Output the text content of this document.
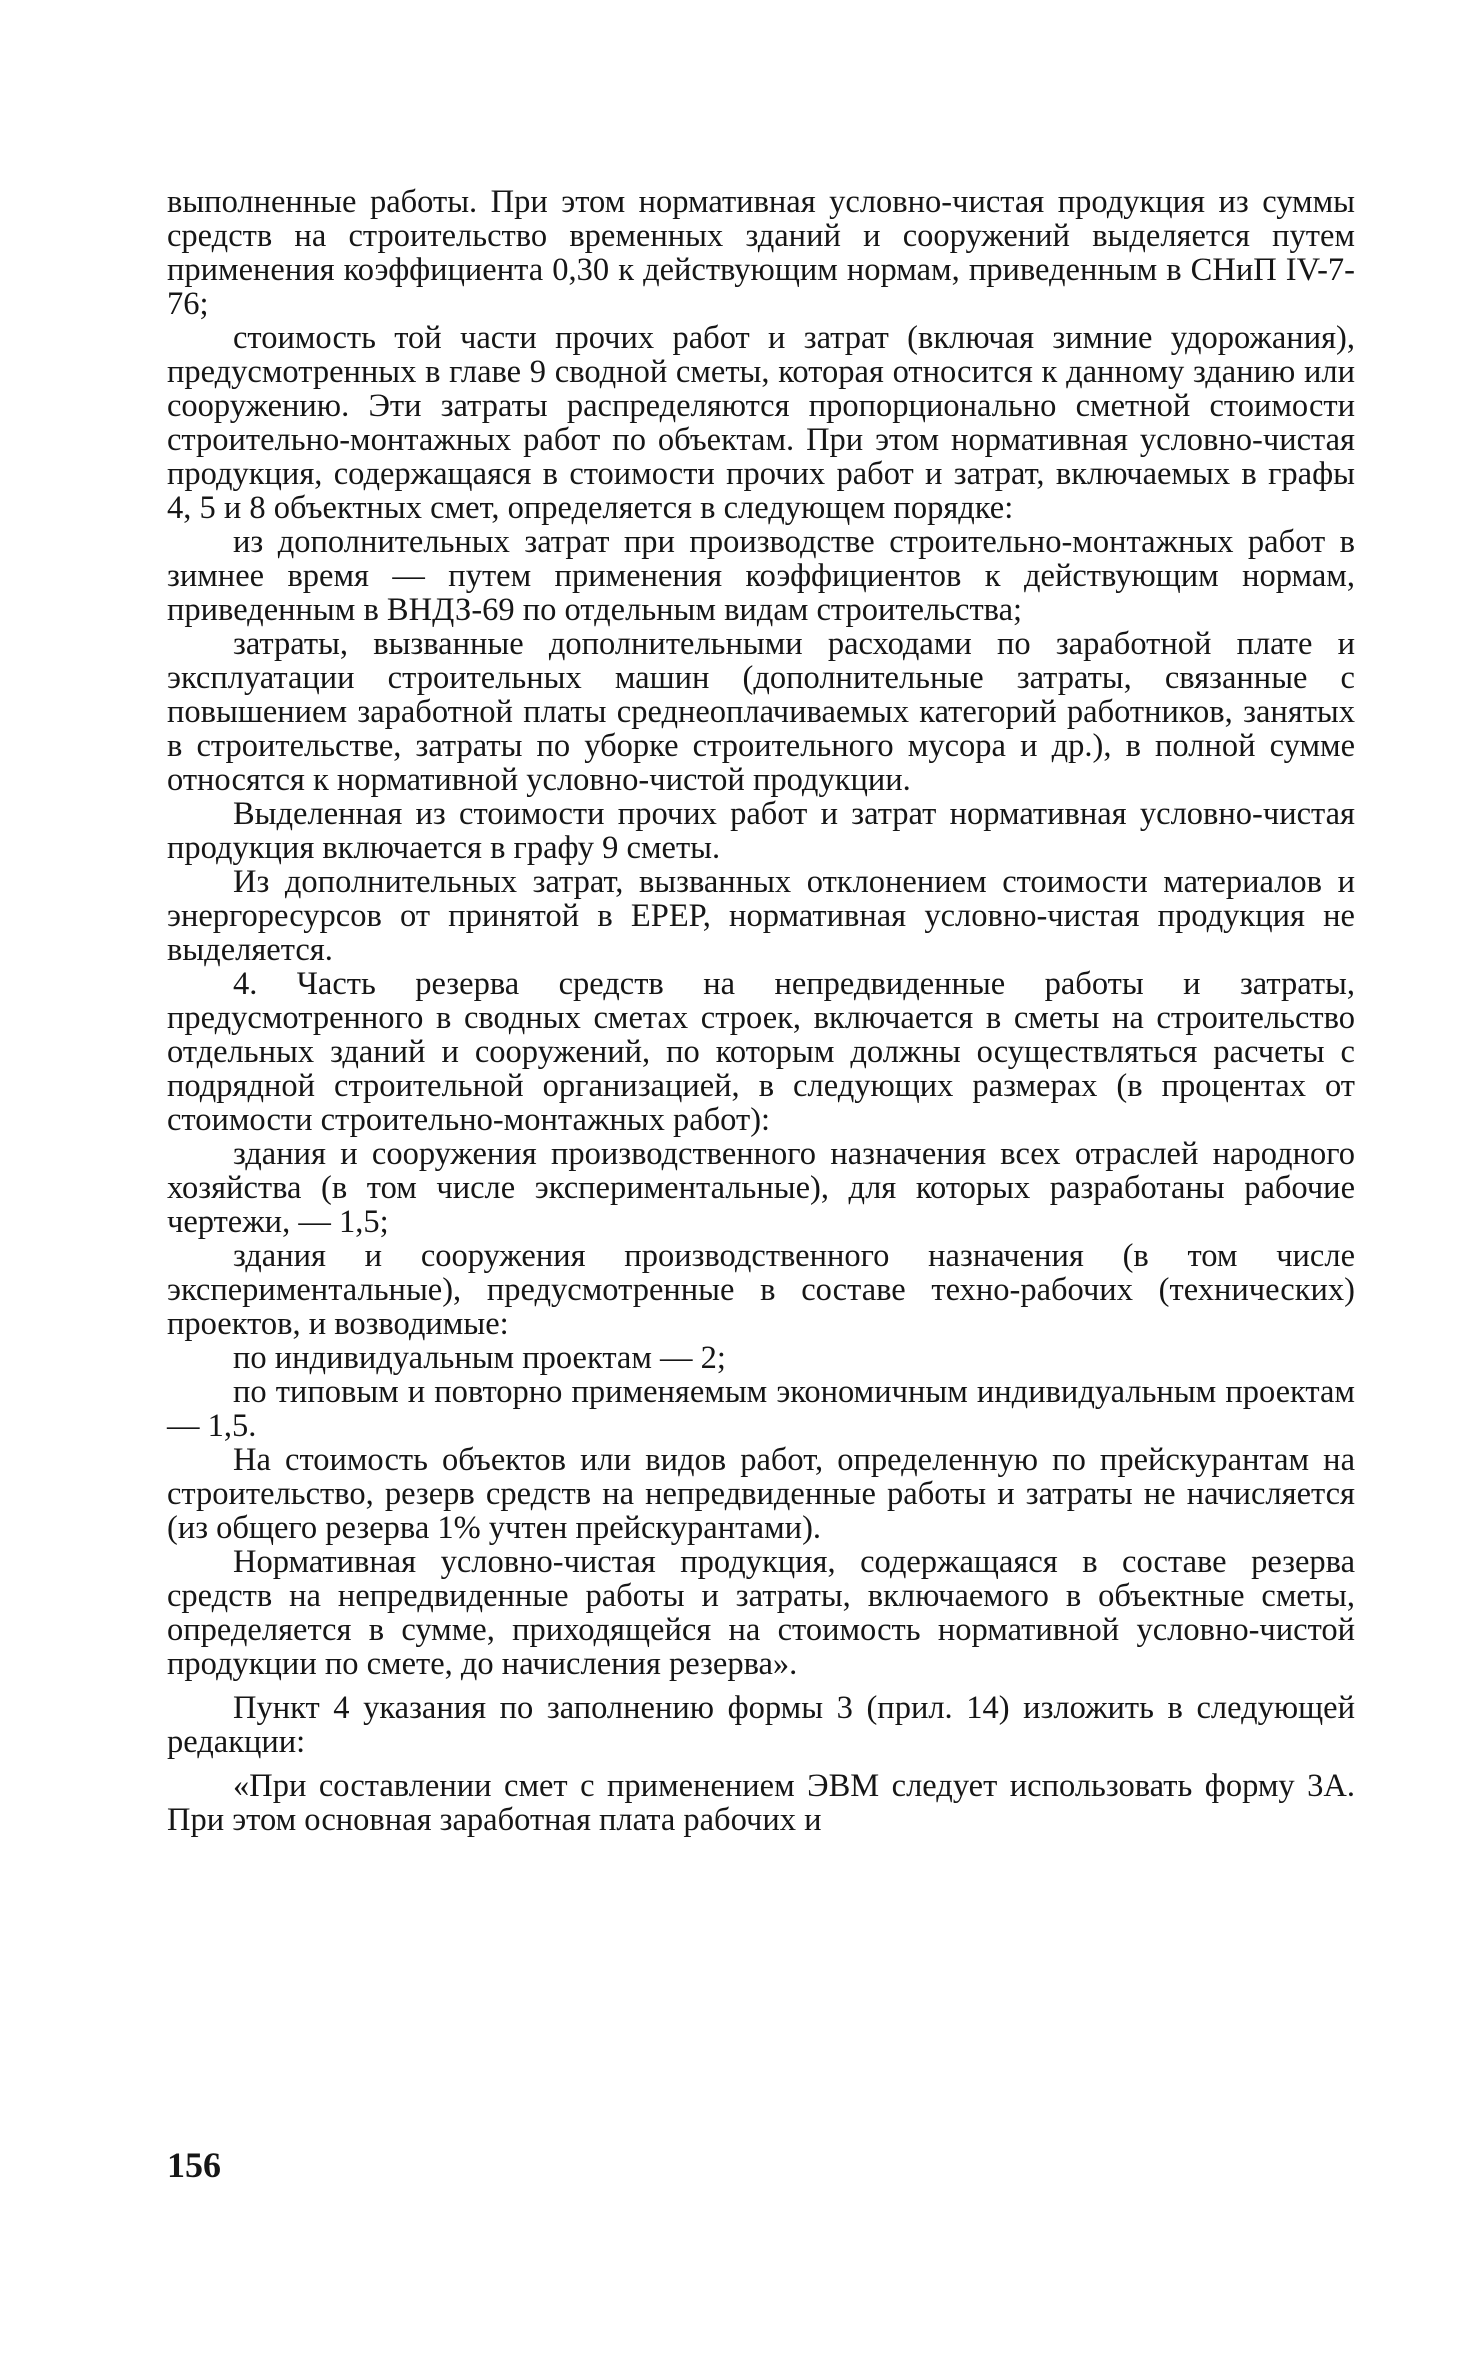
выполненные работы. При этом нормативная условно-чистая продукция из суммы средств на строительство временных зданий и сооружений выделяется путем применения коэффициента 0,30 к действующим нормам, приведенным в СНиП IV-7-76;

стоимость той части прочих работ и затрат (включая зимние удорожания), предусмотренных в главе 9 сводной сметы, которая относится к данному зданию или сооружению. Эти затраты распределяются пропорционально сметной стоимости строительно-монтажных работ по объектам. При этом нормативная условно-чистая продукция, содержащаяся в стоимости прочих работ и затрат, включаемых в графы 4, 5 и 8 объектных смет, определяется в следующем порядке:

из дополнительных затрат при производстве строительно-монтажных работ в зимнее время — путем применения коэффициентов к действующим нормам, приведенным в ВНДЗ-69 по отдельным видам строительства;

затраты, вызванные дополнительными расходами по заработной плате и эксплуатации строительных машин (дополнительные затраты, связанные с повышением заработной платы среднеоплачиваемых категорий работников, занятых в строительстве, затраты по уборке строительного мусора и др.), в полной сумме относятся к нормативной условно-чистой продукции.

Выделенная из стоимости прочих работ и затрат нормативная условно-чистая продукция включается в графу 9 сметы.

Из дополнительных затрат, вызванных отклонением стоимости материалов и энергоресурсов от принятой в ЕРЕР, нормативная условно-чистая продукция не выделяется.

4. Часть резерва средств на непредвиденные работы и затраты, предусмотренного в сводных сметах строек, включается в сметы на строительство отдельных зданий и сооружений, по которым должны осуществляться расчеты с подрядной строительной организацией, в следующих размерах (в процентах от стоимости строительно-монтажных работ):

здания и сооружения производственного назначения всех отраслей народного хозяйства (в том числе экспериментальные), для которых разработаны рабочие чертежи, — 1,5;

здания и сооружения производственного назначения (в том числе экспериментальные), предусмотренные в составе техно-рабочих (технических) проектов, и возводимые:

по индивидуальным проектам — 2;

по типовым и повторно применяемым экономичным индивидуальным проектам — 1,5.

На стоимость объектов или видов работ, определенную по прейскурантам на строительство, резерв средств на непредвиденные работы и затраты не начисляется (из общего резерва 1% учтен прейскурантами).

Нормативная условно-чистая продукция, содержащаяся в составе резерва средств на непредвиденные работы и затраты, включаемого в объектные сметы, определяется в сумме, приходящейся на стоимость нормативной условно-чистой продукции по смете, до начисления резерва».

Пункт 4 указания по заполнению формы 3 (прил. 14) изложить в следующей редакции:

«При составлении смет с применением ЭВМ следует использовать форму 3А. При этом основная заработная плата рабочих и

156
